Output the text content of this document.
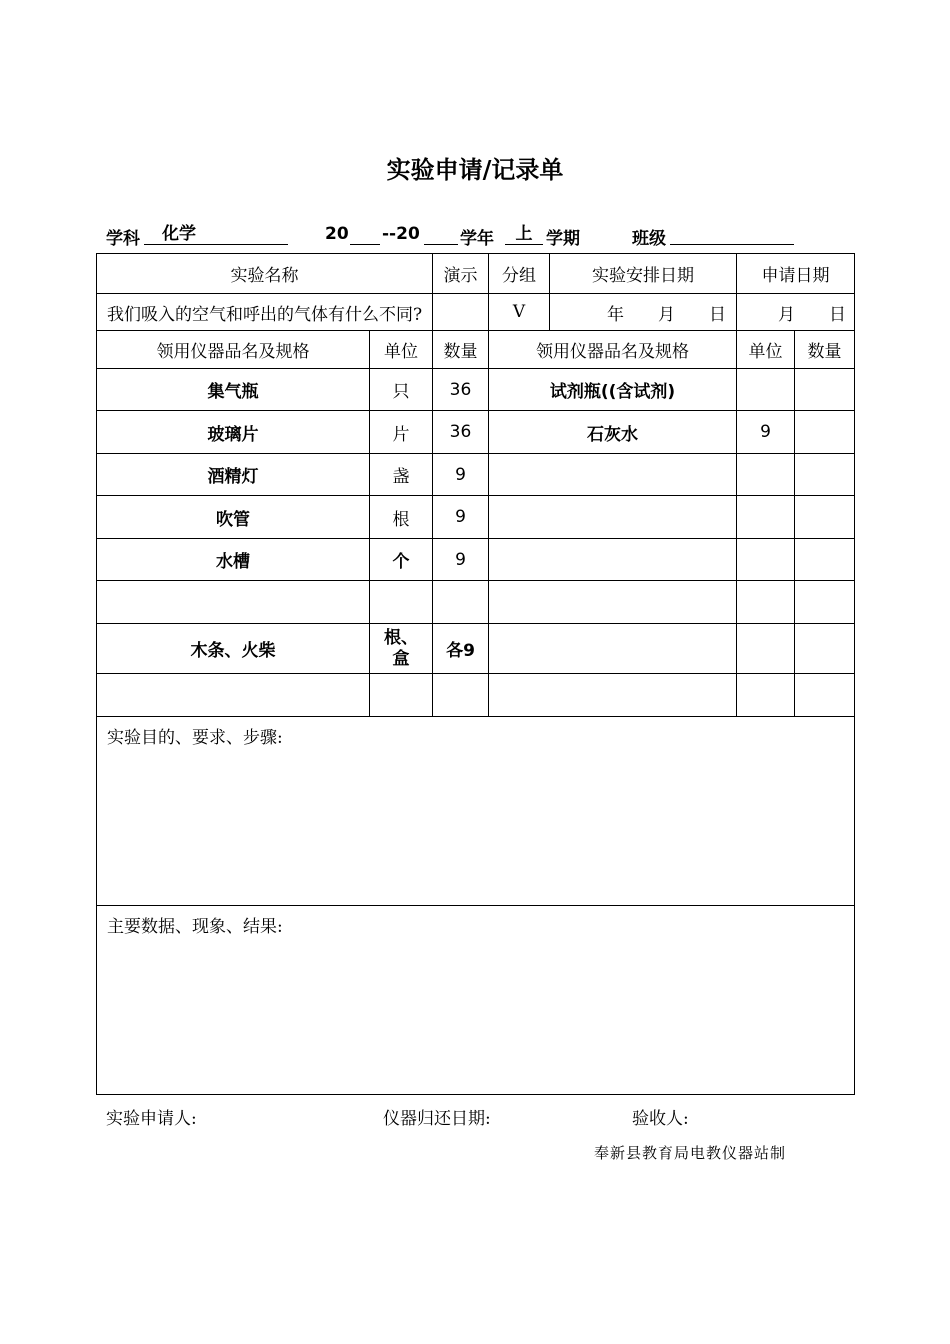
实验申请/记录单
学科	化学	20 --20 学年	上 学期	班级
实验名称		演示	分组	实验安排日期	申请日期	
我们吸入的空气和呼出的气体有什么不同?			V	年　　月　　日	月　　日	
领用仪器品名及规格	单位	数量	领用仪器品名及规格		单位	数量
集气瓶	只	36	试剂瓶((含试剂)			
玻璃片	片	36	石灰水		9	
酒精灯	盏	9				
吹管	根	9				
水槽	个	9				

木条、火柴	根、盒	各9				

实验目的、要求、步骤:						
主要数据、现象、结果:						
实验申请人:	仪器归还日期:	验收人:
奉新县教育局电教仪器站制
